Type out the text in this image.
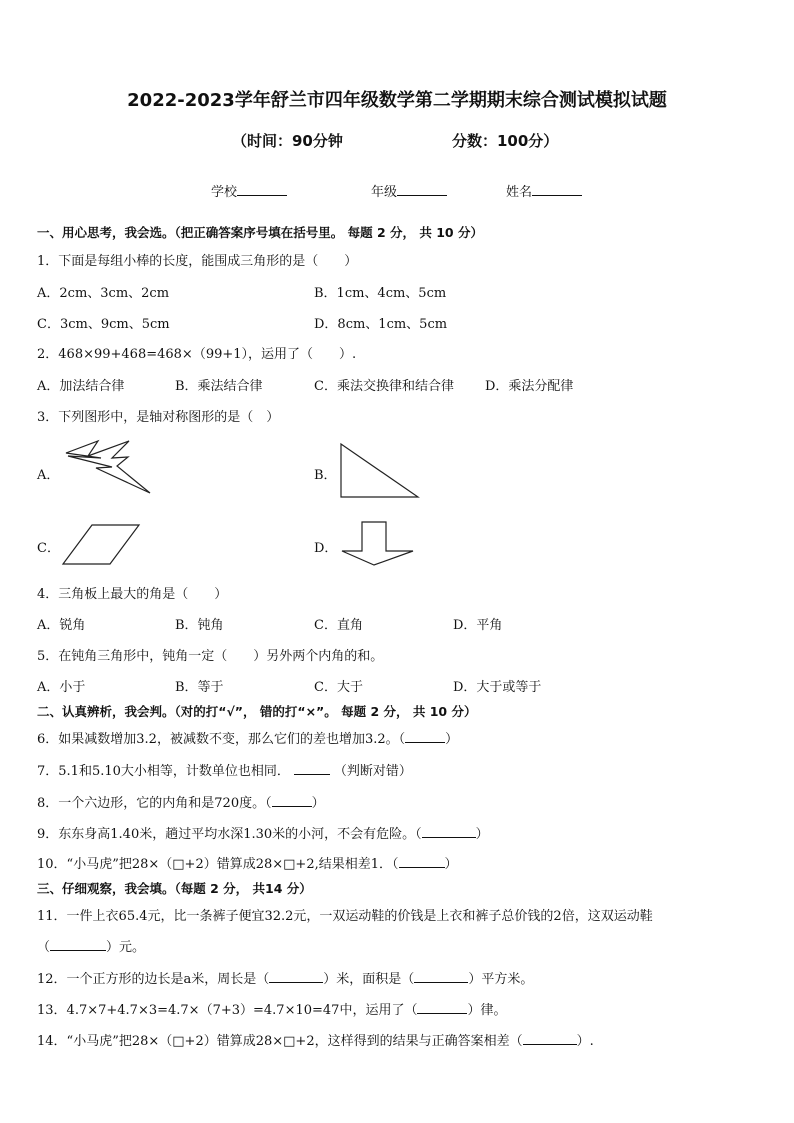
2022-2023学年舒兰市四年级数学第二学期期末综合测试模拟试题
（时间：90分钟	分数：100分）
学校	年级	姓名
一、用心思考，我会选。（把正确答案序号填在括号里。 每题 2 分， 共 10 分）
1．下面是每组小棒的长度，能围成三角形的是（　　）
A．2cm、3cm、2cm	B．1cm、4cm、5cm
C．3cm、9cm、5cm	D．8cm、1cm、5cm
2．468×99+468=468×（99+1），运用了（　　）.
A．加法结合律	B．乘法结合律	C．乘法交换律和结合律 D．乘法分配律
3．下列图形中，是轴对称图形的是（　）
A．	B．
C．	D．
4．三角板上最大的角是（　　）
A．锐角	B．钝角	C．直角	D．平角
5．在钝角三角形中，钝角一定（　　）另外两个内角的和。
A．小于	B．等于	C．大于	D．大于或等于
二、认真辨析，我会判。（对的打“√”， 错的打“×”。 每题 2 分， 共 10 分）
6．如果减数增加3.2，被减数不变，那么它们的差也增加3.2。（	）
7．5.1和5.10大小相等，计数单位也相同．	（判断对错）
8．一个六边形，它的内角和是720度。（	）
9．东东身高1.40米，趟过平均水深1.30米的小河，不会有危险。（	）
10．“小马虎”把28×（□+2）错算成28×□+2,结果相差1．（	）
三、仔细观察，我会填。（每题 2 分， 共14 分）
11．一件上衣65.4元，比一条裤子便宜32.2元，一双运动鞋的价钱是上衣和裤子总价钱的2倍，这双运动鞋
（	）元。
12．一个正方形的边长是a米，周长是（	）米，面积是（	）平方米。
13．4.7×7+4.7×3=4.7×（7+3）=4.7×10=47中，运用了（	）律。
14．“小马虎”把28×（□+2）错算成28×□+2，这样得到的结果与正确答案相差（	）.
